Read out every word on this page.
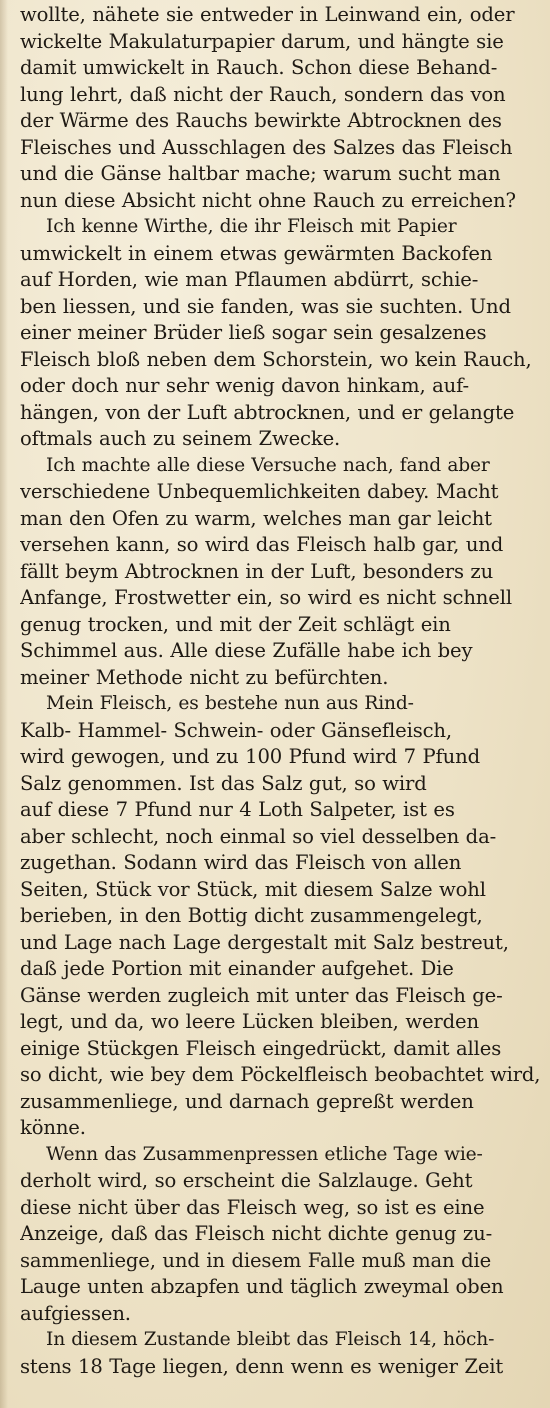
wollte, nähete sie entweder in Leinwand ein, oder
wickelte Makulaturpapier darum, und hängte sie
damit umwickelt in Rauch. Schon diese Behand-
lung lehrt, daß nicht der Rauch, sondern das von
der Wärme des Rauchs bewirkte Abtrocknen des
Fleisches und Ausschlagen des Salzes das Fleisch
und die Gänse haltbar mache; warum sucht man
nun diese Absicht nicht ohne Rauch zu erreichen?
Ich kenne Wirthe, die ihr Fleisch mit Papier
umwickelt in einem etwas gewärmten Backofen
auf Horden, wie man Pflaumen abdürrt, schie-
ben liessen, und sie fanden, was sie suchten. Und
einer meiner Brüder ließ sogar sein gesalzenes
Fleisch bloß neben dem Schorstein, wo kein Rauch,
oder doch nur sehr wenig davon hinkam, auf-
hängen, von der Luft abtrocknen, und er gelangte
oftmals auch zu seinem Zwecke.
Ich machte alle diese Versuche nach, fand aber
verschiedene Unbequemlichkeiten dabey. Macht
man den Ofen zu warm, welches man gar leicht
versehen kann, so wird das Fleisch halb gar, und
fällt beym Abtrocknen in der Luft, besonders zu
Anfange, Frostwetter ein, so wird es nicht schnell
genug trocken, und mit der Zeit schlägt ein
Schimmel aus. Alle diese Zufälle habe ich bey
meiner Methode nicht zu befürchten.
Mein Fleisch, es bestehe nun aus Rind-
Kalb- Hammel- Schwein- oder Gänsefleisch,
wird gewogen, und zu 100 Pfund wird 7 Pfund
Salz genommen. Ist das Salz gut, so wird
auf diese 7 Pfund nur 4 Loth Salpeter, ist es
aber schlecht, noch einmal so viel desselben da-
zugethan. Sodann wird das Fleisch von allen
Seiten, Stück vor Stück, mit diesem Salze wohl
berieben, in den Bottig dicht zusammengelegt,
und Lage nach Lage dergestalt mit Salz bestreut,
daß jede Portion mit einander aufgehet. Die
Gänse werden zugleich mit unter das Fleisch ge-
legt, und da, wo leere Lücken bleiben, werden
einige Stückgen Fleisch eingedrückt, damit alles
so dicht, wie bey dem Pöckelfleisch beobachtet wird,
zusammenliege, und darnach gepreßt werden
könne.
Wenn das Zusammenpressen etliche Tage wie-
derholt wird, so erscheint die Salzlauge. Geht
diese nicht über das Fleisch weg, so ist es eine
Anzeige, daß das Fleisch nicht dichte genug zu-
sammenliege, und in diesem Falle muß man die
Lauge unten abzapfen und täglich zweymal oben
aufgiessen.
In diesem Zustande bleibt das Fleisch 14, höch-
stens 18 Tage liegen, denn wenn es weniger Zeit
